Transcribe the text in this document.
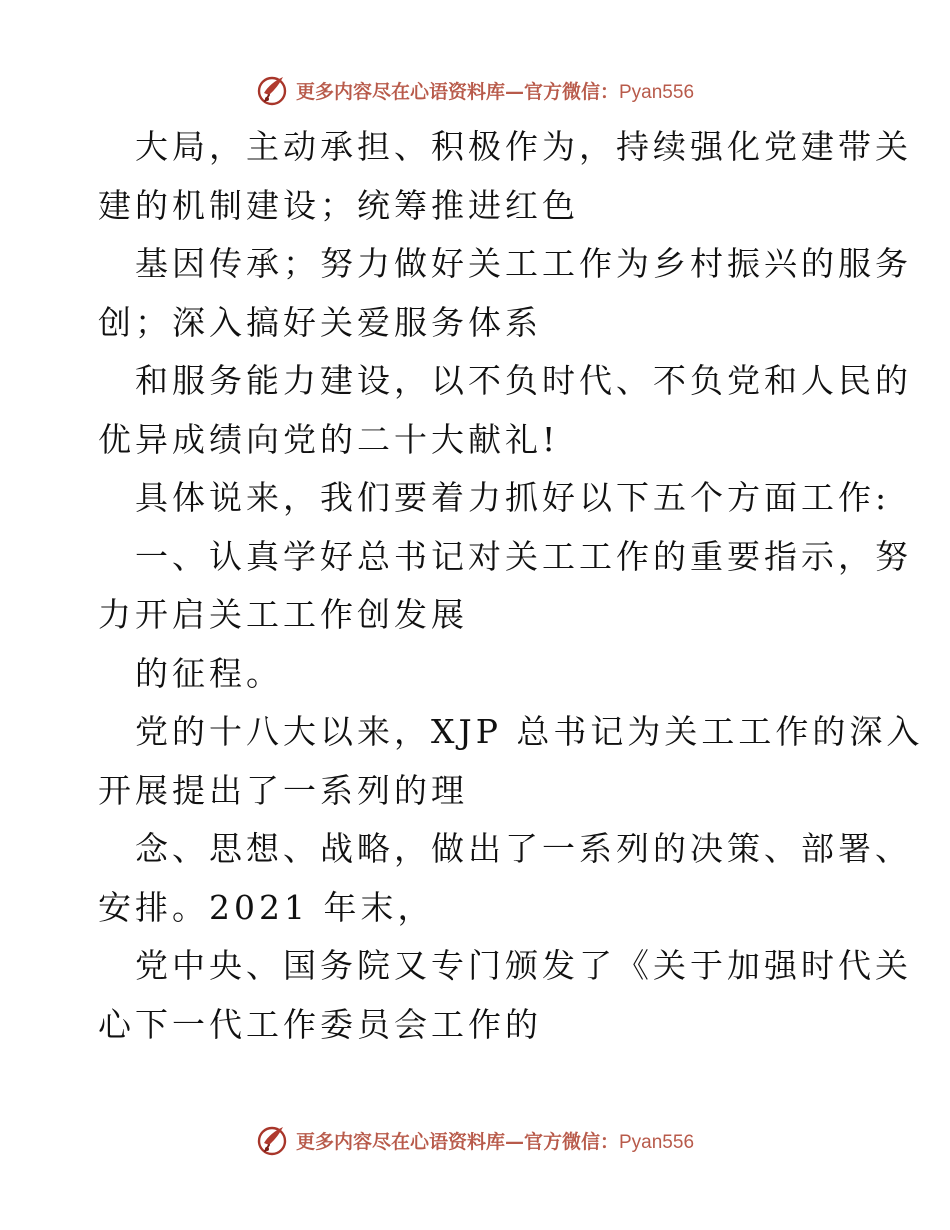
更多内容尽在心语资料库—官方微信：Pyan556
大局，主动承担、积极作为，持续强化党建带关
建的机制建设；统筹推进红色
基因传承；努力做好关工工作为乡村振兴的服务
创；深入搞好关爱服务体系
和服务能力建设，以不负时代、不负党和人民的
优异成绩向党的二十大献礼!
具体说来，我们要着力抓好以下五个方面工作:
一、认真学好总书记对关工工作的重要指示，努
力开启关工工作创发展
的征程。
党的十八大以来，XJP 总书记为关工工作的深入
开展提出了一系列的理
念、思想、战略，做出了一系列的决策、部署、
安排。2021 年末，
党中央、国务院又专门颁发了《关于加强时代关
心下一代工作委员会工作的
更多内容尽在心语资料库—官方微信：Pyan556
